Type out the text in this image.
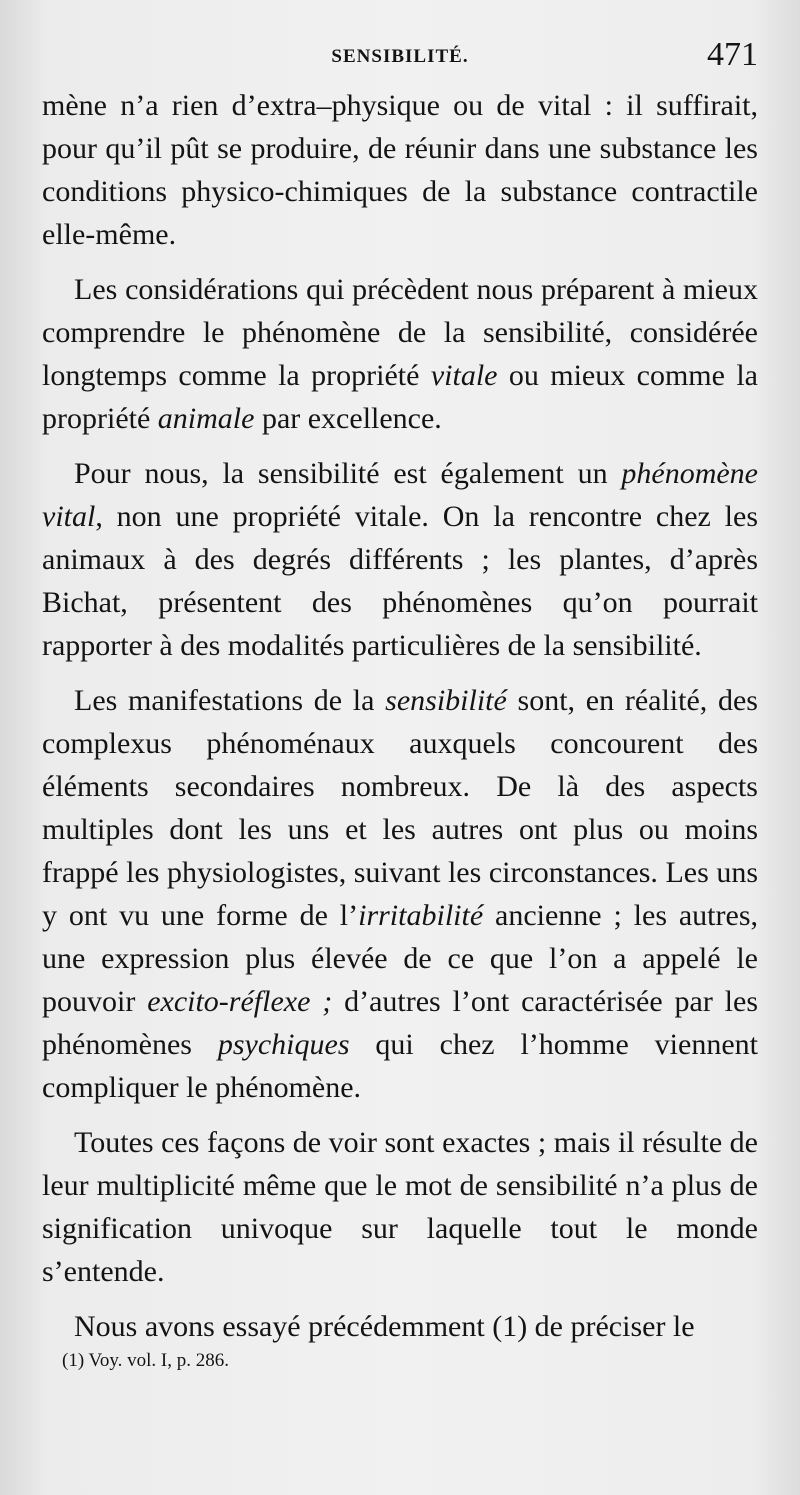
SENSIBILITÉ.	471

mène n’a rien d’extra–physique ou de vital : il suffirait, pour qu’il pût se produire, de réunir dans une substance les conditions physico-chimiques de la substance contractile elle-même.

Les considérations qui précèdent nous préparent à mieux comprendre le phénomène de la sensibilité, considérée longtemps comme la propriété vitale ou mieux comme la propriété animale par excellence.

Pour nous, la sensibilité est également un phénomène vital, non une propriété vitale. On la rencontre chez les animaux à des degrés différents ; les plantes, d’après Bichat, présentent des phénomènes qu’on pourrait rapporter à des modalités particulières de la sensibilité.

Les manifestations de la sensibilité sont, en réalité, des complexus phénoménaux auxquels concourent des éléments secondaires nombreux. De là des aspects multiples dont les uns et les autres ont plus ou moins frappé les physiologistes, suivant les circonstances. Les uns y ont vu une forme de l’irritabilité ancienne ; les autres, une expression plus élevée de ce que l’on a appelé le pouvoir excito-réflexe ; d’autres l’ont caractérisée par les phénomènes psychiques qui chez l’homme viennent compliquer le phénomène.

Toutes ces façons de voir sont exactes ; mais il résulte de leur multiplicité même que le mot de sensibilité n’a plus de signification univoque sur laquelle tout le monde s’entende.

Nous avons essayé précédemment (1) de préciser le

(1) Voy. vol. I, p. 286.
